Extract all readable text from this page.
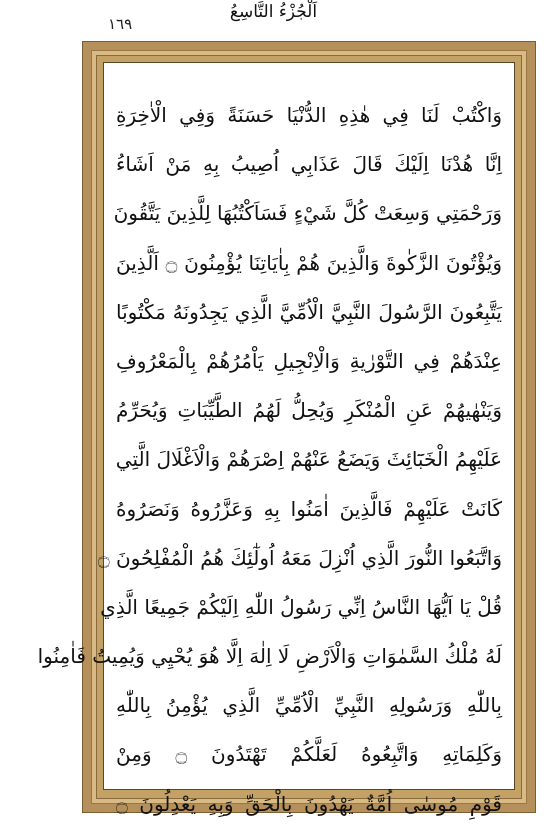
اَلْجُزْءُ التَّاسِعُ
١٦٩
وَاكْتُبْ لَنَا فِي هٰذِهِ الدُّنْيَا حَسَنَةً وَفِي الْاٰخِرَةِ
اِنَّا هُدْنَا اِلَيْكَ قَالَ عَذَابِي اُصِيبُ بِهِ مَنْ اَشَاءُ
وَرَحْمَتِي وَسِعَتْ كُلَّ شَيْءٍ فَسَاَكْتُبُهَا لِلَّذِينَ يَتَّقُونَ
وَيُؤْتُونَ الزَّكٰوةَ وَالَّذِينَ هُمْ بِاٰيَاتِنَا يُؤْمِنُونَ ۝ اَلَّذِينَ
يَتَّبِعُونَ الرَّسُولَ النَّبِيَّ الْاُمِّيَّ الَّذِي يَجِدُونَهُ مَكْتُوبًا
عِنْدَهُمْ فِي التَّوْرٰيةِ وَالْاِنْجِيلِ يَاْمُرُهُمْ بِالْمَعْرُوفِ
وَيَنْهٰيهُمْ عَنِ الْمُنْكَرِ وَيُحِلُّ لَهُمُ الطَّيِّبَاتِ وَيُحَرِّمُ
عَلَيْهِمُ الْخَبَٓائِثَ وَيَضَعُ عَنْهُمْ اِصْرَهُمْ وَالْاَغْلَالَ الَّتِي
كَانَتْ عَلَيْهِمْ فَالَّذِينَ اٰمَنُوا بِهِ وَعَزَّرُوهُ وَنَصَرُوهُ
وَاتَّبَعُوا النُّورَ الَّذِي اُنْزِلَ مَعَهُ اُولٰٓئِكَ هُمُ الْمُفْلِحُونَ ۝
قُلْ يَا اَيُّهَا النَّاسُ اِنِّي رَسُولُ اللّٰهِ اِلَيْكُمْ جَمِيعًا الَّذِي
لَهُ مُلْكُ السَّمٰوَاتِ وَالْاَرْضِ لَا اِلٰهَ اِلَّا هُوَ يُحْيِي وَيُمِيتُ فَاٰمِنُوا
بِاللّٰهِ وَرَسُولِهِ النَّبِيِّ الْاُمِّيِّ الَّذِي يُؤْمِنُ بِاللّٰهِ
وَكَلِمَاتِهِ وَاتَّبِعُوهُ لَعَلَّكُمْ تَهْتَدُونَ ۝ وَمِنْ
قَوْمِ مُوسٰى اُمَّةٌ يَهْدُونَ بِالْحَقِّ وَبِهِ يَعْدِلُونَ ۝
